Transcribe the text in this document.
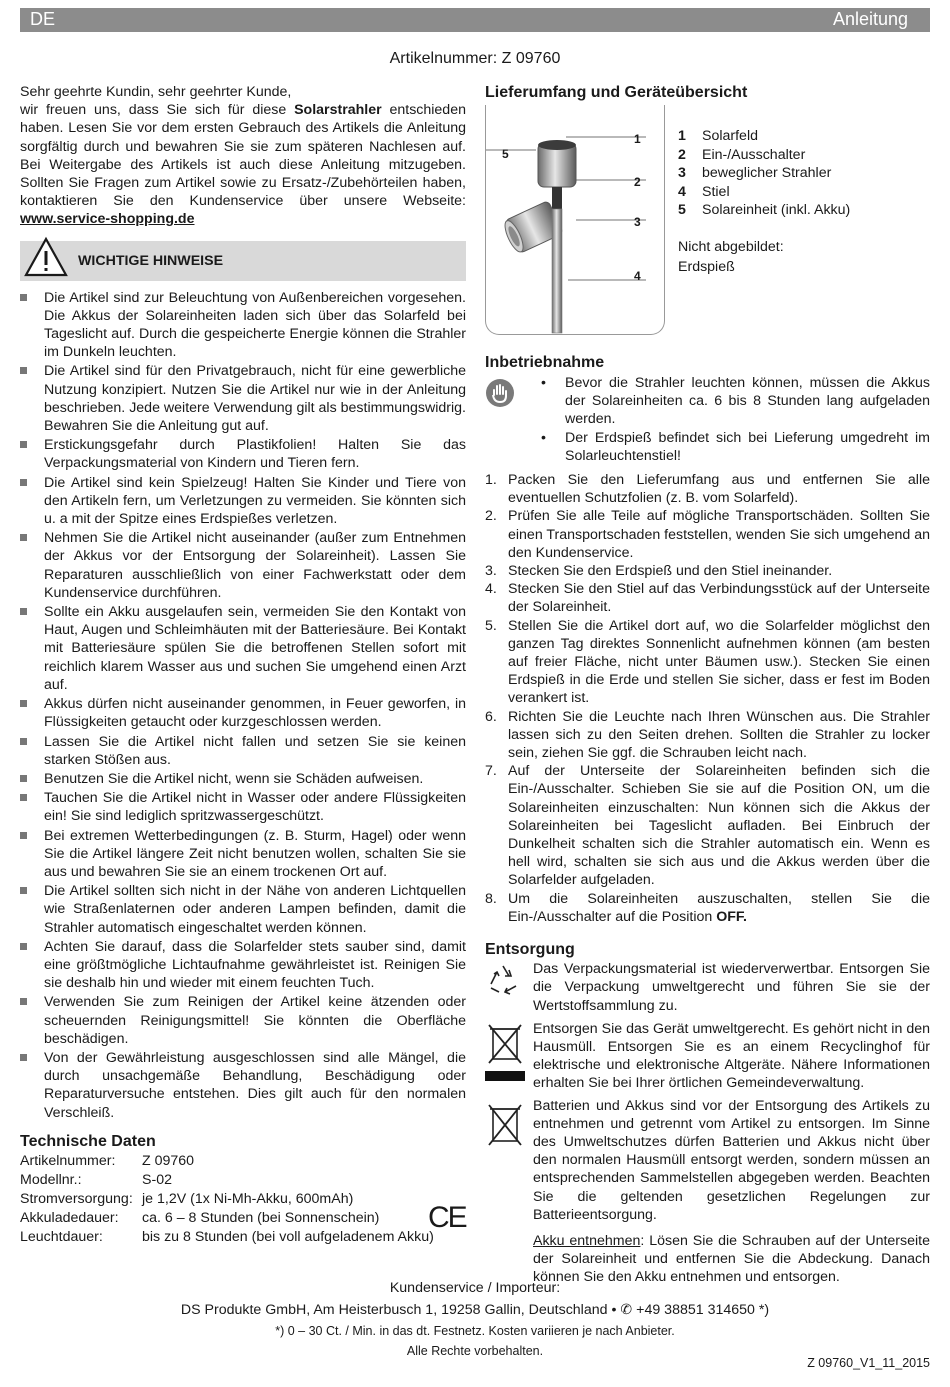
DE	Anleitung
Artikelnummer: Z 09760
Sehr geehrte Kundin, sehr geehrter Kunde,
wir freuen uns, dass Sie sich für diese Solarstrahler entschieden haben. Lesen Sie vor dem ersten Gebrauch des Artikels die Anleitung sorgfältig durch und bewahren Sie sie zum späteren Nachlesen auf. Bei Weitergabe des Artikels ist auch diese Anleitung mitzugeben. Sollten Sie Fragen zum Artikel sowie zu Ersatz-/Zubehörteilen haben, kontaktieren Sie den Kundenservice über unsere Webseite: www.service-shopping.de
WICHTIGE HINWEISE
Die Artikel sind zur Beleuchtung von Außenbereichen vorgesehen. Die Akkus der Solareinheiten laden sich über das Solarfeld bei Tageslicht auf. Durch die gespeicherte Energie können die Strahler im Dunkeln leuchten.
Die Artikel sind für den Privatgebrauch, nicht für eine gewerbliche Nutzung konzipiert. Nutzen Sie die Artikel nur wie in der Anleitung beschrieben. Jede weitere Verwendung gilt als bestimmungswidrig. Bewahren Sie die Anleitung gut auf.
Erstickungsgefahr durch Plastikfolien! Halten Sie das Verpackungsmaterial von Kindern und Tieren fern.
Die Artikel sind kein Spielzeug! Halten Sie Kinder und Tiere von den Artikeln fern, um Verletzungen zu vermeiden. Sie könnten sich u. a mit der Spitze eines Erdspießes verletzen.
Nehmen Sie die Artikel nicht auseinander (außer zum Entnehmen der Akkus vor der Entsorgung der Solareinheit). Lassen Sie Reparaturen ausschließlich von einer Fachwerkstatt oder dem Kundenservice durchführen.
Sollte ein Akku ausgelaufen sein, vermeiden Sie den Kontakt von Haut, Augen und Schleimhäuten mit der Batteriesäure. Bei Kontakt mit Batteriesäure spülen Sie die betroffenen Stellen sofort mit reichlich klarem Wasser aus und suchen Sie umgehend einen Arzt auf.
Akkus dürfen nicht auseinander genommen, in Feuer geworfen, in Flüssigkeiten getaucht oder kurzgeschlossen werden.
Lassen Sie die Artikel nicht fallen und setzen Sie sie keinen starken Stößen aus.
Benutzen Sie die Artikel nicht, wenn sie Schäden aufweisen.
Tauchen Sie die Artikel nicht in Wasser oder andere Flüssigkeiten ein! Sie sind lediglich spritzwassergeschützt.
Bei extremen Wetterbedingungen (z. B. Sturm, Hagel) oder wenn Sie die Artikel längere Zeit nicht benutzen wollen, schalten Sie sie aus und bewahren Sie sie an einem trockenen Ort auf.
Die Artikel sollten sich nicht in der Nähe von anderen Lichtquellen wie Straßenlaternen oder anderen Lampen befinden, damit die Strahler automatisch eingeschaltet werden können.
Achten Sie darauf, dass die Solarfelder stets sauber sind, damit eine größtmögliche Lichtaufnahme gewährleistet ist. Reinigen Sie sie deshalb hin und wieder mit einem feuchten Tuch.
Verwenden Sie zum Reinigen der Artikel keine ätzenden oder scheuernden Reinigungsmittel! Sie könnten die Oberfläche beschädigen.
Von der Gewährleistung ausgeschlossen sind alle Mängel, die durch unsachgemäße Behandlung, Beschädigung oder Reparaturversuche entstehen. Dies gilt auch für den normalen Verschleiß.
Technische Daten
Artikelnummer:	Z 09760
Modellnr.:	S-02
Stromversorgung:	je 1,2V (1x Ni-Mh-Akku, 600mAh)
Akkuladedauer:	ca. 6 – 8 Stunden (bei Sonnenschein)
Leuchtdauer:	bis zu 8 Stunden (bei voll aufgeladenem Akku)
CE
Lieferumfang und Geräteübersicht
1
2
3
4
5
1 Solarfeld
2 Ein-/Ausschalter
3 beweglicher Strahler
4 Stiel
5 Solareinheit (inkl. Akku)
Nicht abgebildet:
Erdspieß
Inbetriebnahme
• Bevor die Strahler leuchten können, müssen die Akkus der Solareinheiten ca. 6 bis 8 Stunden lang aufgeladen werden.
• Der Erdspieß befindet sich bei Lieferung umgedreht im Solarleuchtenstiel!
1. Packen Sie den Lieferumfang aus und entfernen Sie alle eventuellen Schutzfolien (z. B. vom Solarfeld).
2. Prüfen Sie alle Teile auf mögliche Transportschäden. Sollten Sie einen Transportschaden feststellen, wenden Sie sich umgehend an den Kundenservice.
3. Stecken Sie den Erdspieß und den Stiel ineinander.
4. Stecken Sie den Stiel auf das Verbindungsstück auf der Unterseite der Solareinheit.
5. Stellen Sie die Artikel dort auf, wo die Solarfelder möglichst den ganzen Tag direktes Sonnenlicht aufnehmen können (am besten auf freier Fläche, nicht unter Bäumen usw.). Stecken Sie einen Erdspieß in die Erde und stellen Sie sicher, dass er fest im Boden verankert ist.
6. Richten Sie die Leuchte nach Ihren Wünschen aus. Die Strahler lassen sich zu den Seiten drehen. Sollten die Strahler zu locker sein, ziehen Sie ggf. die Schrauben leicht nach.
7. Auf der Unterseite der Solareinheiten befinden sich die Ein-/Ausschalter. Schieben Sie sie auf die Position ON, um die Solareinheiten einzuschalten: Nun können sich die Akkus der Solareinheiten bei Tageslicht aufladen. Bei Einbruch der Dunkelheit schalten sich die Strahler automatisch ein. Wenn es hell wird, schalten sie sich aus und die Akkus werden über die Solarfelder aufgeladen.
8. Um die Solareinheiten auszuschalten, stellen Sie die Ein-/Ausschalter auf die Position OFF.
Entsorgung
Das Verpackungsmaterial ist wiederverwertbar. Entsorgen Sie die Verpackung umweltgerecht und führen Sie sie der Wertstoffsammlung zu.
Entsorgen Sie das Gerät umweltgerecht. Es gehört nicht in den Hausmüll. Entsorgen Sie es an einem Recyclinghof für elektrische und elektronische Altgeräte. Nähere Informationen erhalten Sie bei Ihrer örtlichen Gemeindeverwaltung.
Batterien und Akkus sind vor der Entsorgung des Artikels zu entnehmen und getrennt vom Artikel zu entsorgen. Im Sinne des Umweltschutzes dürfen Batterien und Akkus nicht über den normalen Hausmüll entsorgt werden, sondern müssen an entsprechenden Sammelstellen abgegeben werden. Beachten Sie die geltenden gesetzlichen Regelungen zur Batterieentsorgung.
Akku entnehmen: Lösen Sie die Schrauben auf der Unterseite der Solareinheit und entfernen Sie die Abdeckung. Danach können Sie den Akku entnehmen und entsorgen.
Kundenservice / Importeur:
DS Produkte GmbH, Am Heisterbusch 1, 19258 Gallin, Deutschland • ✆ +49 38851 314650 *)
*) 0 – 30 Ct. / Min. in das dt. Festnetz. Kosten variieren je nach Anbieter.
Alle Rechte vorbehalten.
Z 09760_V1_11_2015
